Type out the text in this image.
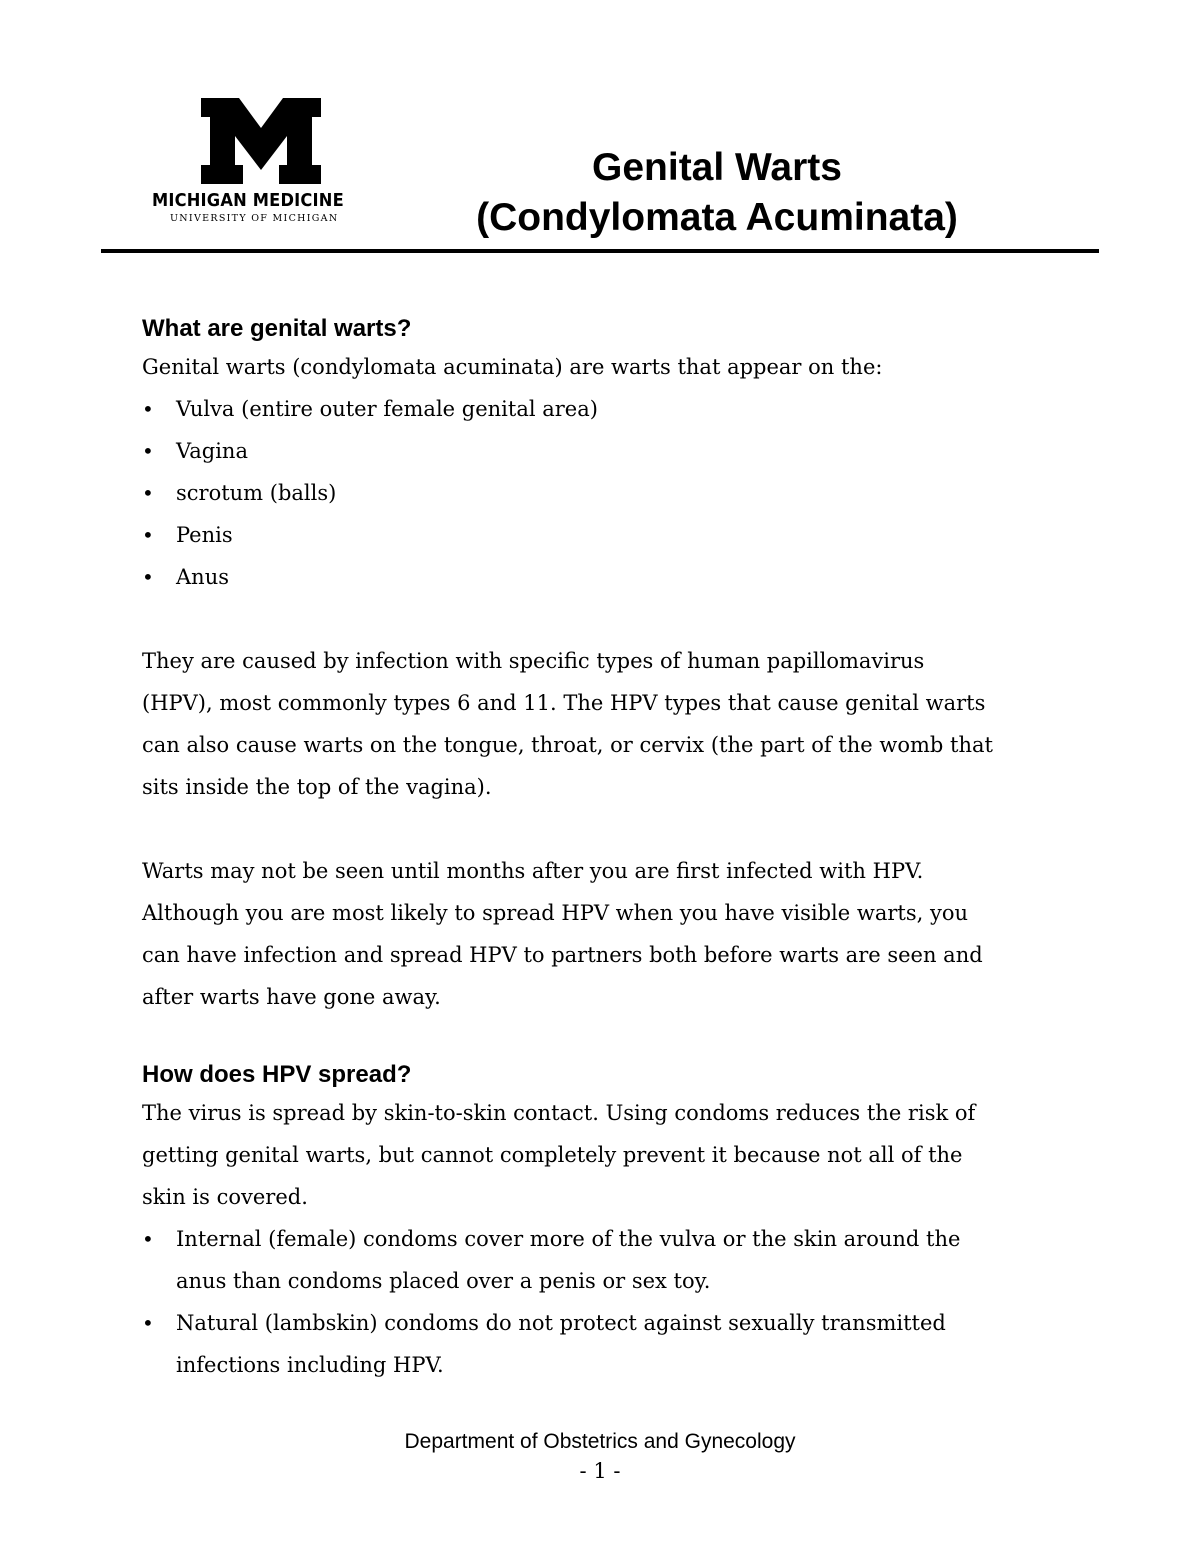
MICHIGAN MEDICINE
UNIVERSITY OF MICHIGAN
Genital Warts
(Condylomata Acuminata)
What are genital warts?

Genital warts (condylomata acuminata) are warts that appear on the:

• Vulva (entire outer female genital area)
• Vagina
• scrotum (balls)
• Penis
• Anus

They are caused by infection with specific types of human papillomavirus

(HPV), most commonly types 6 and 11. The HPV types that cause genital warts

can also cause warts on the tongue, throat, or cervix (the part of the womb that

sits inside the top of the vagina).

Warts may not be seen until months after you are first infected with HPV.

Although you are most likely to spread HPV when you have visible warts, you

can have infection and spread HPV to partners both before warts are seen and

after warts have gone away.

How does HPV spread?

The virus is spread by skin-to-skin contact. Using condoms reduces the risk of

getting genital warts, but cannot completely prevent it because not all of the

skin is covered.

• Internal (female) condoms cover more of the vulva or the skin around the
anus than condoms placed over a penis or sex toy.
• Natural (lambskin) condoms do not protect against sexually transmitted
infections including HPV.
Department of Obstetrics and Gynecology
- 1 -
